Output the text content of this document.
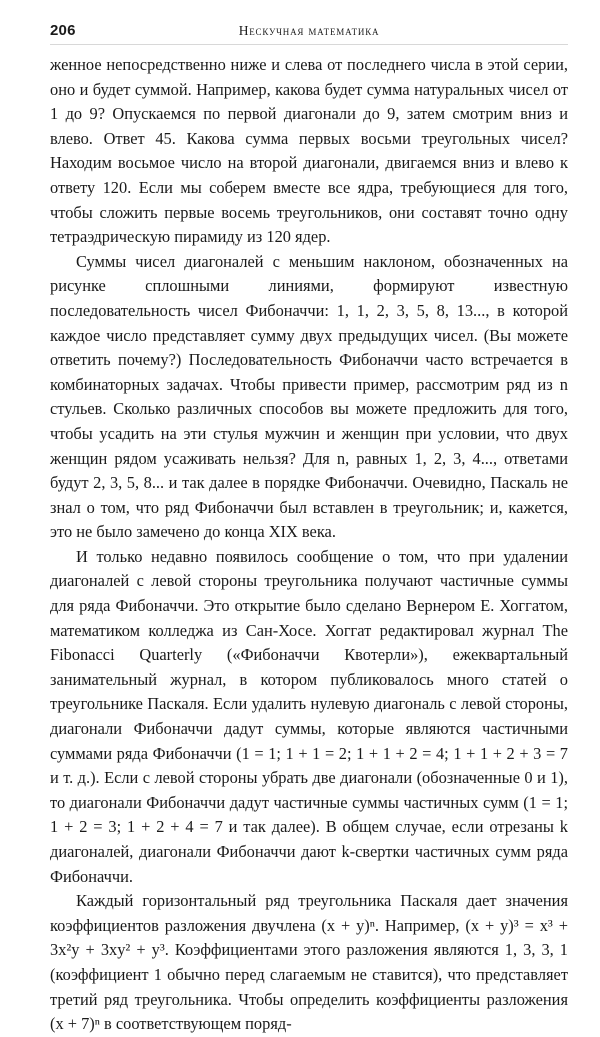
206	Нескучная математика

женное непосредственно ниже и слева от последнего числа в этой серии, оно и будет суммой. Например, какова будет сумма натуральных чисел от 1 до 9? Опускаемся по первой диагонали до 9, затем смотрим вниз и влево. Ответ 45. Какова сумма первых восьми треугольных чисел? Находим восьмое число на второй диагонали, двигаемся вниз и влево к ответу 120. Если мы соберем вместе все ядра, требующиеся для того, чтобы сложить первые восемь треугольников, они составят точно одну тетраэдрическую пирамиду из 120 ядер.

Суммы чисел диагоналей с меньшим наклоном, обозначенных на рисунке сплошными линиями, формируют известную последовательность чисел Фибоначчи: 1, 1, 2, 3, 5, 8, 13..., в которой каждое число представляет сумму двух предыдущих чисел. (Вы можете ответить почему?) Последовательность Фибоначчи часто встречается в комбинаторных задачах. Чтобы привести пример, рассмотрим ряд из n стульев. Сколько различных способов вы можете предложить для того, чтобы усадить на эти стулья мужчин и женщин при условии, что двух женщин рядом усаживать нельзя? Для n, равных 1, 2, 3, 4..., ответами будут 2, 3, 5, 8... и так далее в порядке Фибоначчи. Очевидно, Паскаль не знал о том, что ряд Фибоначчи был вставлен в треугольник; и, кажется, это не было замечено до конца XIX века.

И только недавно появилось сообщение о том, что при удалении диагоналей с левой стороны треугольника получают частичные суммы для ряда Фибоначчи. Это открытие было сделано Вернером Е. Хоггатом, математиком колледжа из Сан-Хосе. Хоггат редактировал журнал The Fibonacci Quarterly («Фибоначчи Квотерли»), ежеквартальный занимательный журнал, в котором публиковалось много статей о треугольнике Паскаля. Если удалить нулевую диагональ с левой стороны, диагонали Фибоначчи дадут суммы, которые являются частичными суммами ряда Фибоначчи (1 = 1; 1 + 1 = 2; 1 + 1 + 2 = 4; 1 + 1 + 2 + 3 = 7 и т. д.). Если с левой стороны убрать две диагонали (обозначенные 0 и 1), то диагонали Фибоначчи дадут частичные суммы частичных сумм (1 = 1; 1 + 2 = 3; 1 + 2 + 4 = 7 и так далее). В общем случае, если отрезаны k диагоналей, диагонали Фибоначчи дают k-свертки частичных сумм ряда Фибоначчи.

Каждый горизонтальный ряд треугольника Паскаля дает значения коэффициентов разложения двучлена (x + y)ⁿ. Например, (x + y)³ = x³ + 3x²y + 3xy² + y³. Коэффициентами этого разложения являются 1, 3, 3, 1 (коэффициент 1 обычно перед слагаемым не ставится), что представляет третий ряд треугольника. Чтобы определить коэффициенты разложения (x + 7)ⁿ в соответствующем поряд-
